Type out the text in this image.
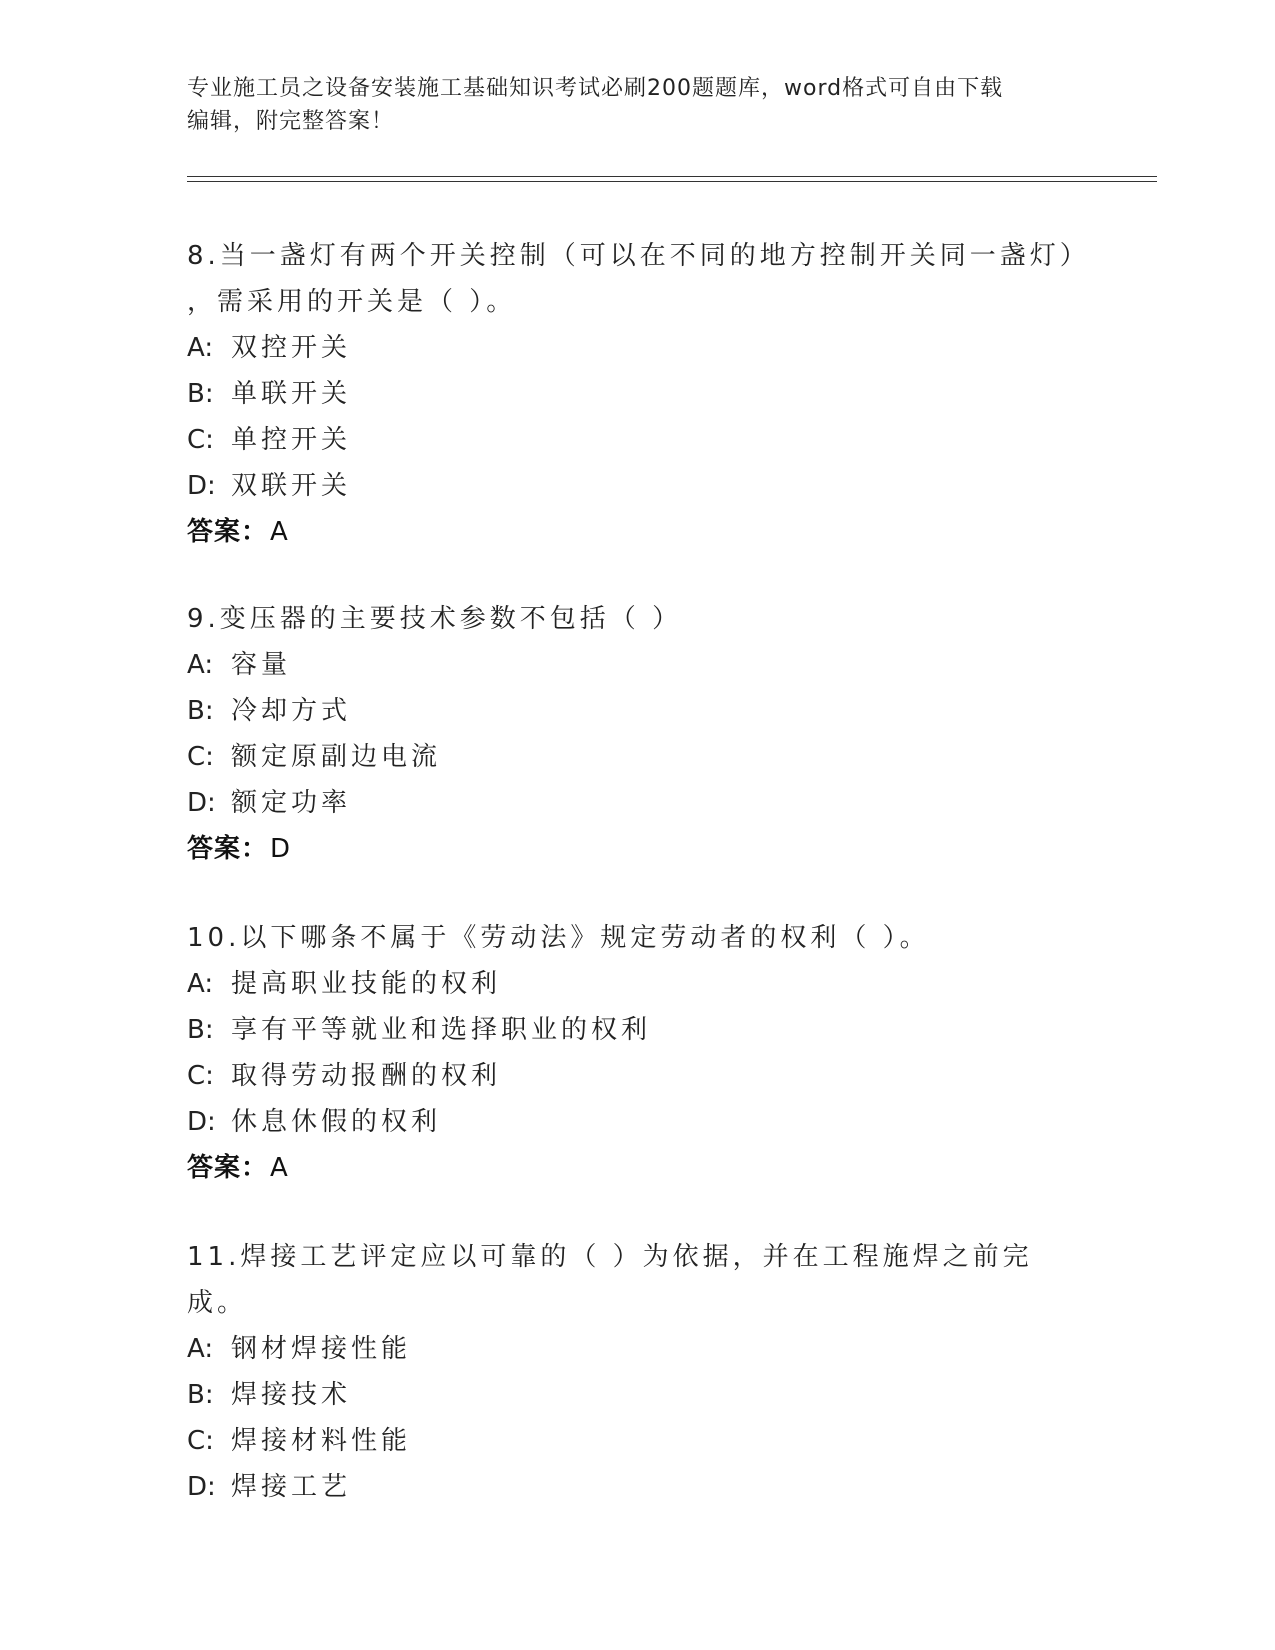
专业施工员之设备安装施工基础知识考试必刷200题题库，word格式可自由下载
编辑，附完整答案！
8.当一盏灯有两个开关控制（可以在不同的地方控制开关同一盏灯）
，需采用的开关是（ ）。
A: 双控开关
B: 单联开关
C: 单控开关
D: 双联开关
答案：A
9.变压器的主要技术参数不包括（ ）
A: 容量
B: 冷却方式
C: 额定原副边电流
D: 额定功率
答案：D
10.以下哪条不属于《劳动法》规定劳动者的权利（ ）。
A: 提高职业技能的权利
B: 享有平等就业和选择职业的权利
C: 取得劳动报酬的权利
D: 休息休假的权利
答案：A
11.焊接工艺评定应以可靠的（ ）为依据，并在工程施焊之前完成。
A: 钢材焊接性能
B: 焊接技术
C: 焊接材料性能
D: 焊接工艺
